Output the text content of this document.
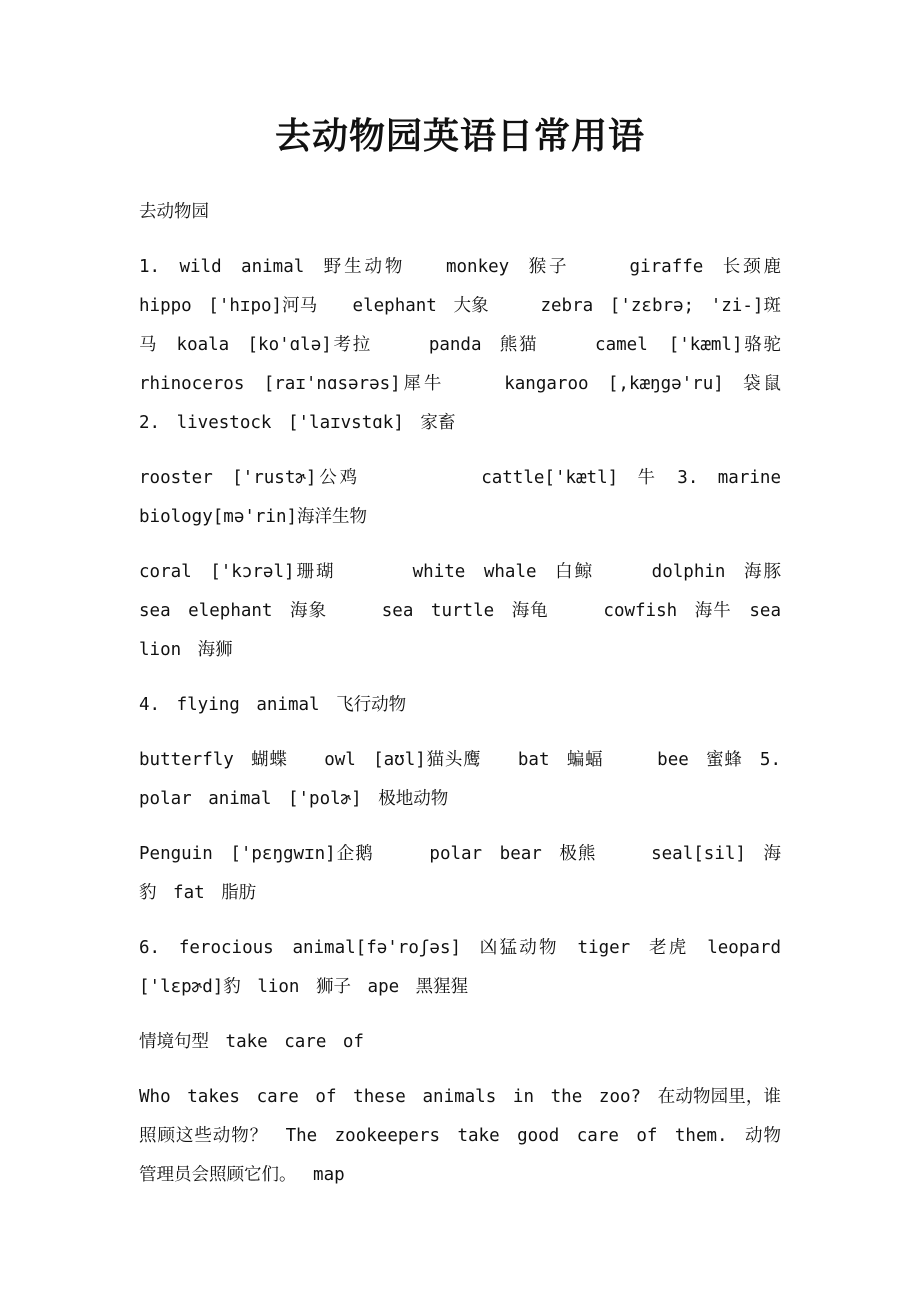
去动物园英语日常用语

去动物园

1. wild animal 野生动物　　monkey 猴子　　 giraffe 长颈鹿 hippo ['hɪpo]河马　　elephant 大象　　 zebra ['zɛbrə; 'zi-]斑马 koala [ko'ɑlə]考拉　　 panda 熊猫　　 camel　['kæml]骆驼 rhinoceros [raɪ'nɑsərəs]犀牛　　 kangaroo [,kæŋgə'ru] 袋鼠 2. livestock ['laɪvstɑk] 家畜

rooster ['rustɚ]公鸡　　　　　 cattle['kætl] 牛 3. marine biology[mə'rin]海洋生物

coral ['kɔrəl]珊瑚　　　 white whale 白鲸　　 dolphin 海豚 sea elephant 海象　　 sea turtle 海龟　　 cowfish 海牛 sea lion 海狮

4. flying animal 飞行动物

butterfly 蝴蝶　　owl [aʊl]猫头鹰　　bat 蝙蝠　　 bee 蜜蜂 5. polar animal ['polɚ] 极地动物

Penguin ['pɛŋgwɪn]企鹅　　　polar bear 极熊　　 seal[sil] 海豹 fat 脂肪

6. ferocious animal[fə'roʃəs] 凶猛动物 tiger 老虎 leopard ['lɛpɚd]豹 lion 狮子 ape 黑猩猩

情境句型 take care of

Who takes care of these animals in the zoo? 在动物园里，谁照顾这些动物？ The zookeepers take good care of them. 动物管理员会照顾它们。 map
